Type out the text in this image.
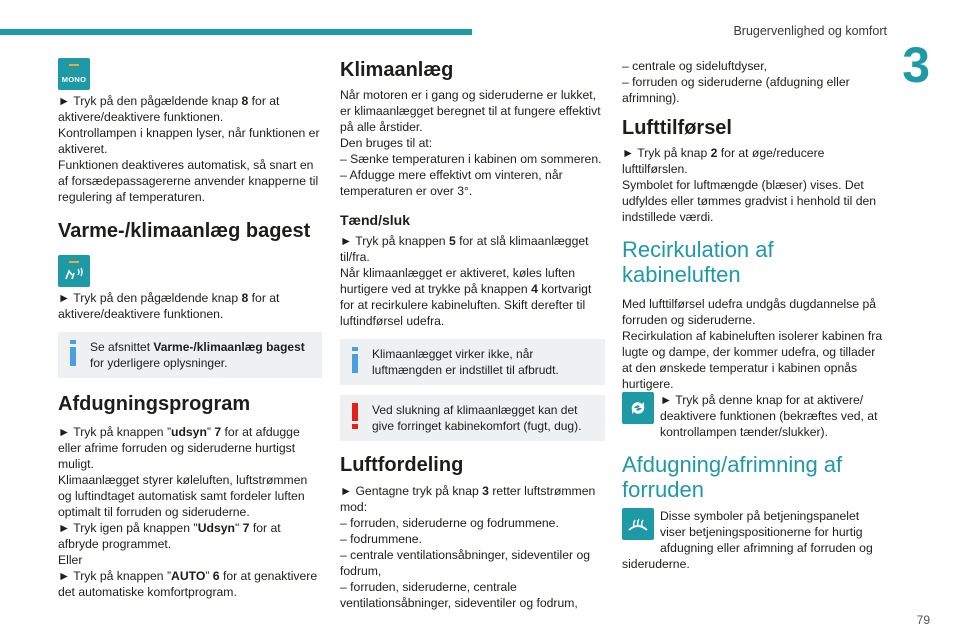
Brugervenlighed og komfort
3
79
MONO

► Tryk på den pågældende knap 8 for at aktivere/deaktivere funktionen.

Kontrollampen i knappen lyser, når funktionen er aktiveret.

Funktionen deaktiveres automatisk, så snart en af forsædepassagererne anvender knapperne til regulering af temperaturen.

Varme-/klimaanlæg bagest

► Tryk på den pågældende knap 8 for at aktivere/deaktivere funktionen.

Se afsnittet Varme-/klimaanlæg bagest for yderligere oplysninger.
Afdugningsprogram

► Tryk på knappen ”udsyn” 7 for at afdugge eller afrime forruden og sideruderne hurtigst muligt.

Klimaanlægget styrer køleluften, luftstrømmen og luftindtaget automatisk samt fordeler luften optimalt til forruden og sideruderne.

► Tryk igen på knappen "Udsyn" 7 for at afbryde programmet.

Eller

► Tryk på knappen ”AUTO” 6 for at genaktivere det automatiske komfortprogram.

Klimaanlæg

Når motoren er i gang og sideruderne er lukket, er klimaanlægget beregnet til at fungere effektivt på alle årstider.

Den bruges til at:

– Sænke temperaturen i kabinen om sommeren.

– Afdugge mere effektivt om vinteren, når temperaturen er over 3°.

Tænd/sluk

► Tryk på knappen 5 for at slå klimaanlægget til/fra.

Når klimaanlægget er aktiveret, køles luften hurtigere ved at trykke på knappen 4 kortvarigt for at recirkulere kabineluften. Skift derefter til luftindførsel udefra.

Klimaanlægget virker ikke, når luftmængden er indstillet til afbrudt.
Ved slukning af klimaanlægget kan det give forringet kabinekomfort (fugt, dug).
Luftfordeling

► Gentagne tryk på knap 3 retter luftstrømmen mod:

– forruden, sideruderne og fodrummene.

– fodrummene.

– centrale ventilationsåbninger, sideventiler og fodrum,

– forruden, sideruderne, centrale ventilationsåbninger, sideventiler og fodrum,

– centrale og sideluftdyser,

– forruden og sideruderne (afdugning eller afrimning).

Lufttilførsel

► Tryk på knap 2 for at øge/reducere lufttilførslen.

Symbolet for luftmængde (blæser) vises. Det udfyldes eller tømmes gradvist i henhold til den indstillede værdi.

Recirkulation af kabineluften

Med lufttilførsel udefra undgås dugdannelse på forruden og sideruderne.

Recirkulation af kabineluften isolerer kabinen fra lugte og dampe, der kommer udefra, og tillader at den ønskede temperatur i kabinen opnås hurtigere.

► Tryk på denne knap for at aktivere/ deaktivere funktionen (bekræftes ved, at kontrollampen tænder/slukker).

Afdugning/afrimning af forruden

Disse symboler på betjeningspanelet viser betjeningspositionerne for hurtig afdugning eller afrimning af forruden og sideruderne.
